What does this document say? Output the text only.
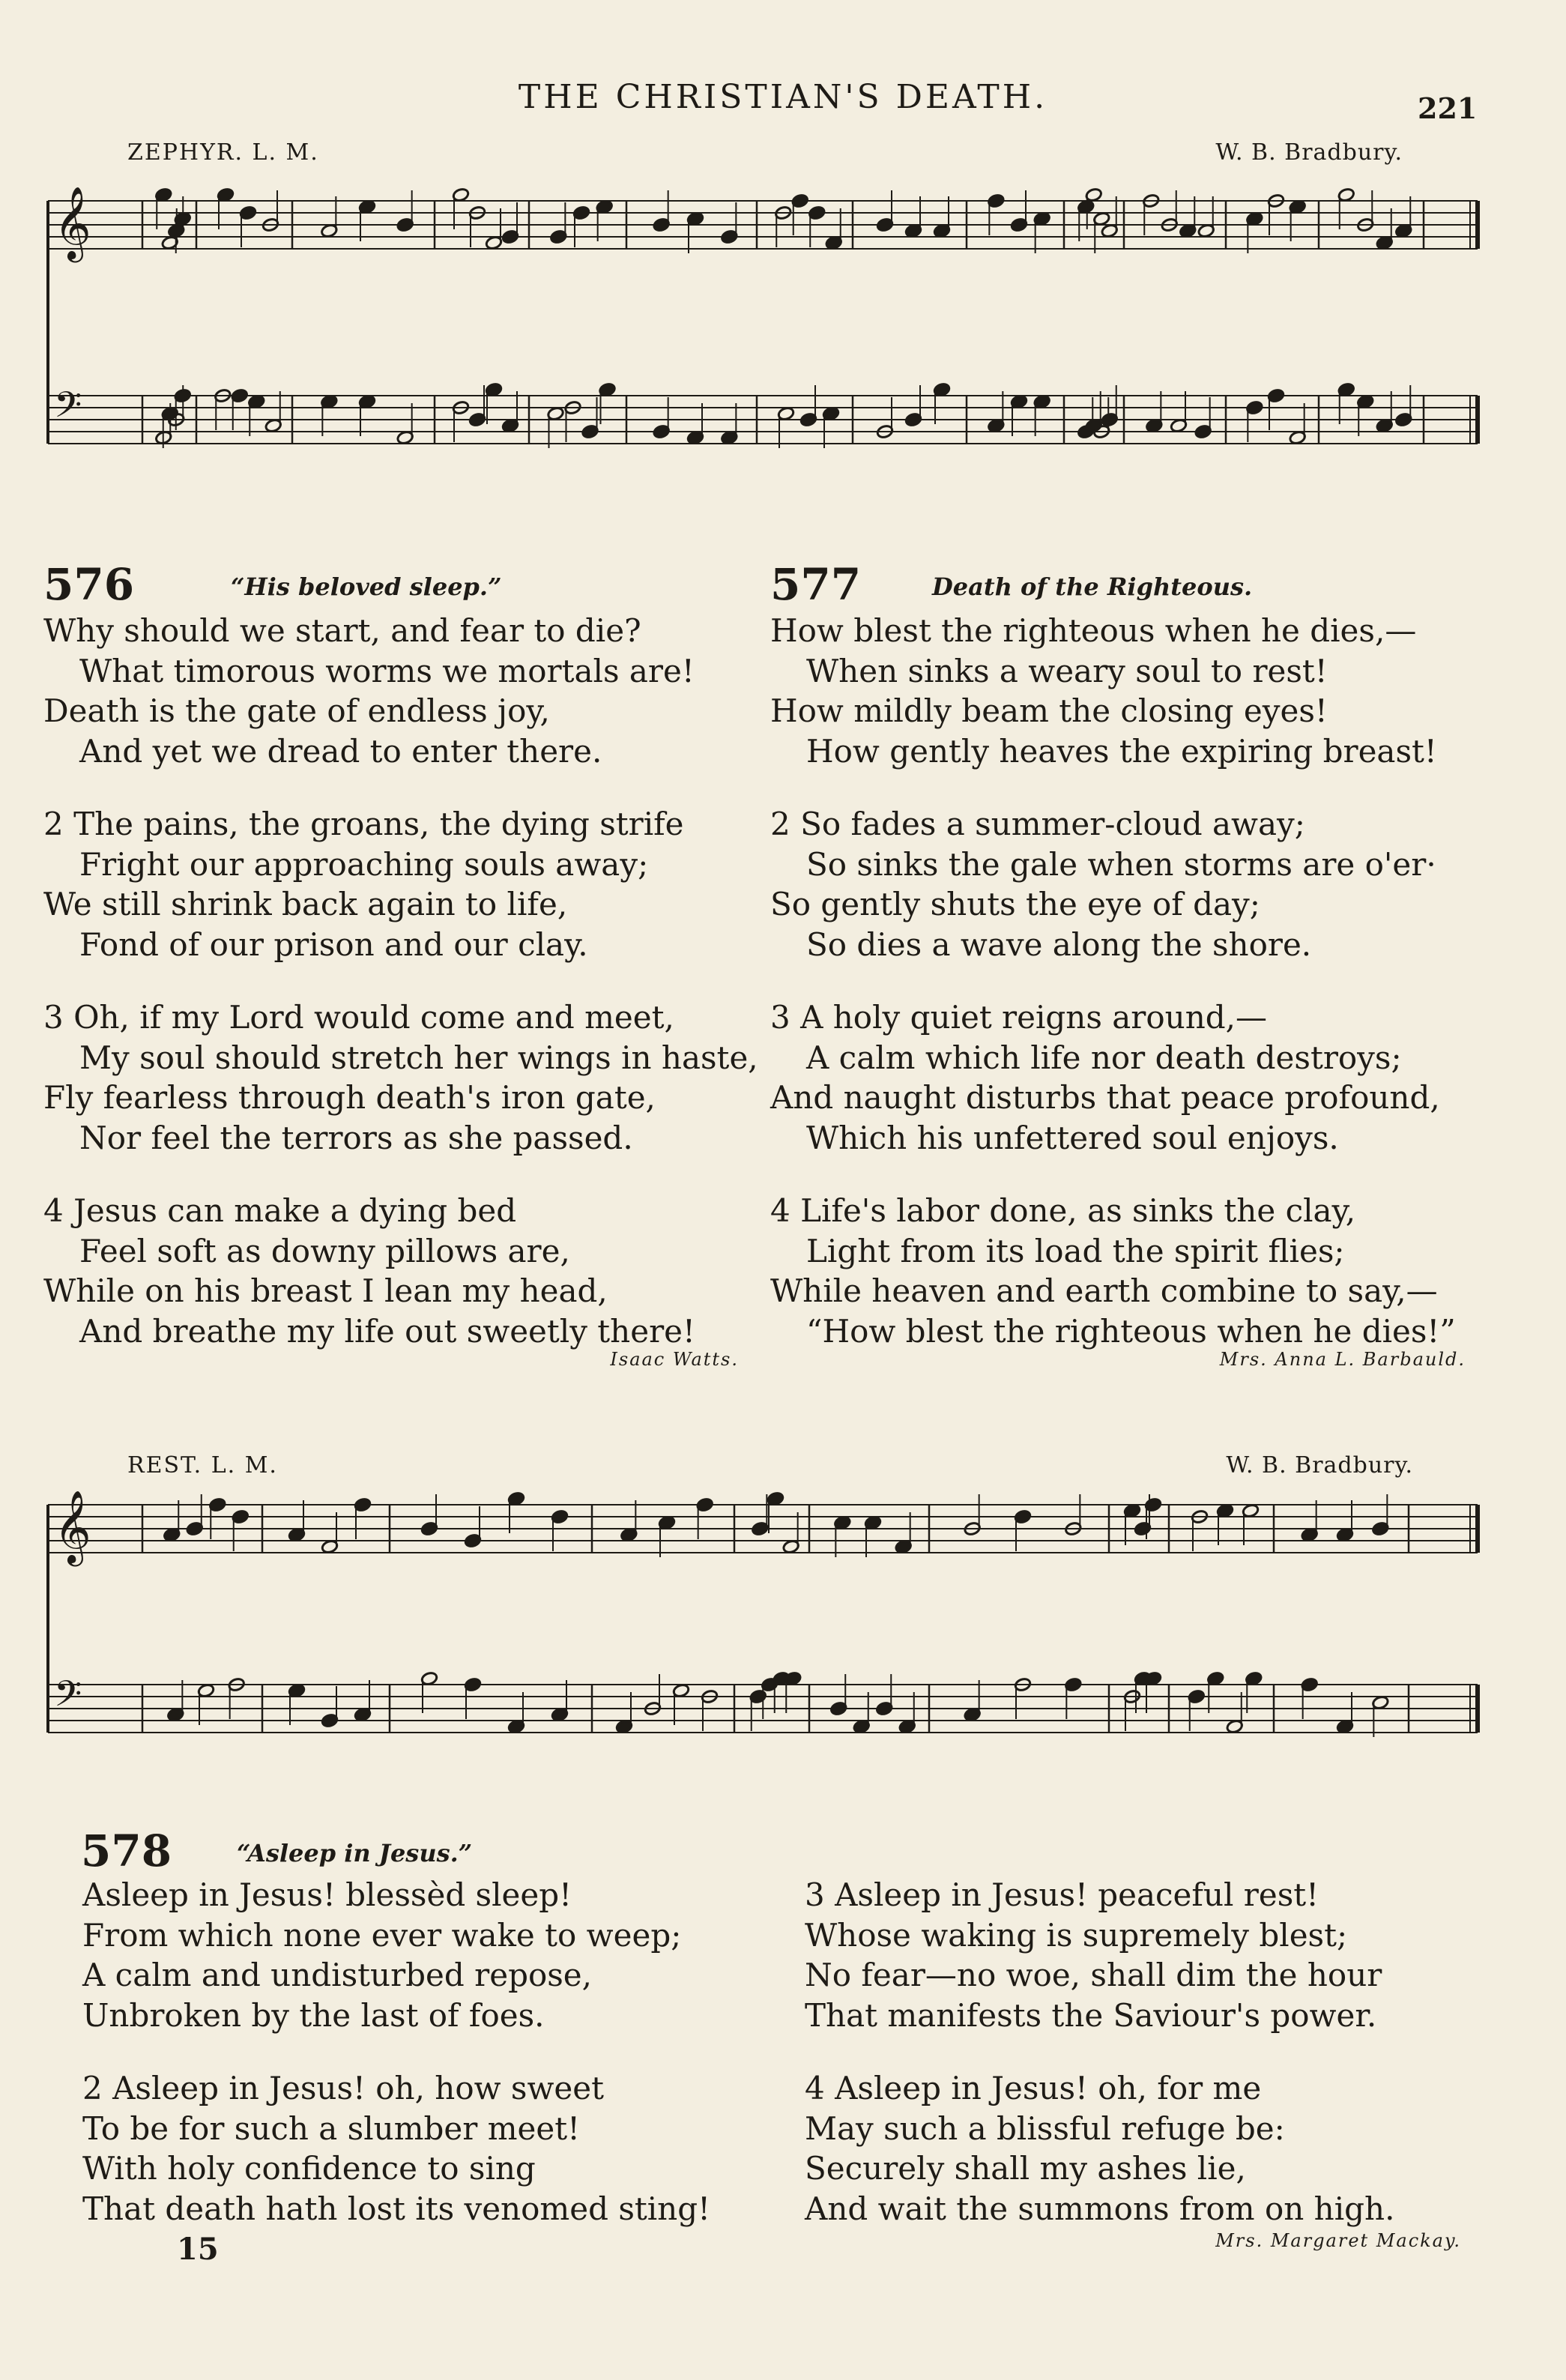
THE CHRISTIAN'S DEATH.	221
ZEPHYR. L. M.	W. B. Bradbury.
𝄞
𝄢
576	“His beloved sleep.”
Why should we start, and fear to die?
What timorous worms we mortals are!
Death is the gate of endless joy,
And yet we dread to enter there.
2 The pains, the groans, the dying strife
Fright our approaching souls away;
We still shrink back again to life,
Fond of our prison and our clay.
3 Oh, if my Lord would come and meet,
My soul should stretch her wings in haste,
Fly fearless through death's iron gate,
Nor feel the terrors as she passed.
4 Jesus can make a dying bed
Feel soft as downy pillows are,
While on his breast I lean my head,
And breathe my life out sweetly there!
Isaac Watts.
577	Death of the Righteous.
How blest the righteous when he dies,—
When sinks a weary soul to rest!
How mildly beam the closing eyes!
How gently heaves the expiring breast!
2 So fades a summer-cloud away;
So sinks the gale when storms are o'er·
So gently shuts the eye of day;
So dies a wave along the shore.
3 A holy quiet reigns around,—
A calm which life nor death destroys;
And naught disturbs that peace profound,
Which his unfettered soul enjoys.
4 Life's labor done, as sinks the clay,
Light from its load the spirit flies;
While heaven and earth combine to say,—
“How blest the righteous when he dies!”
Mrs. Anna L. Barbauld.
REST. L. M.	W. B. Bradbury.
𝄞
𝄢
578	“Asleep in Jesus.”
Asleep in Jesus! blessèd sleep!
From which none ever wake to weep;
A calm and undisturbed repose,
Unbroken by the last of foes.
2 Asleep in Jesus! oh, how sweet
To be for such a slumber meet!
With holy confidence to sing
That death hath lost its venomed sting!
3 Asleep in Jesus! peaceful rest!
Whose waking is supremely blest;
No fear—no woe, shall dim the hour
That manifests the Saviour's power.
4 Asleep in Jesus! oh, for me
May such a blissful refuge be:
Securely shall my ashes lie,
And wait the summons from on high.
Mrs. Margaret Mackay.
15
